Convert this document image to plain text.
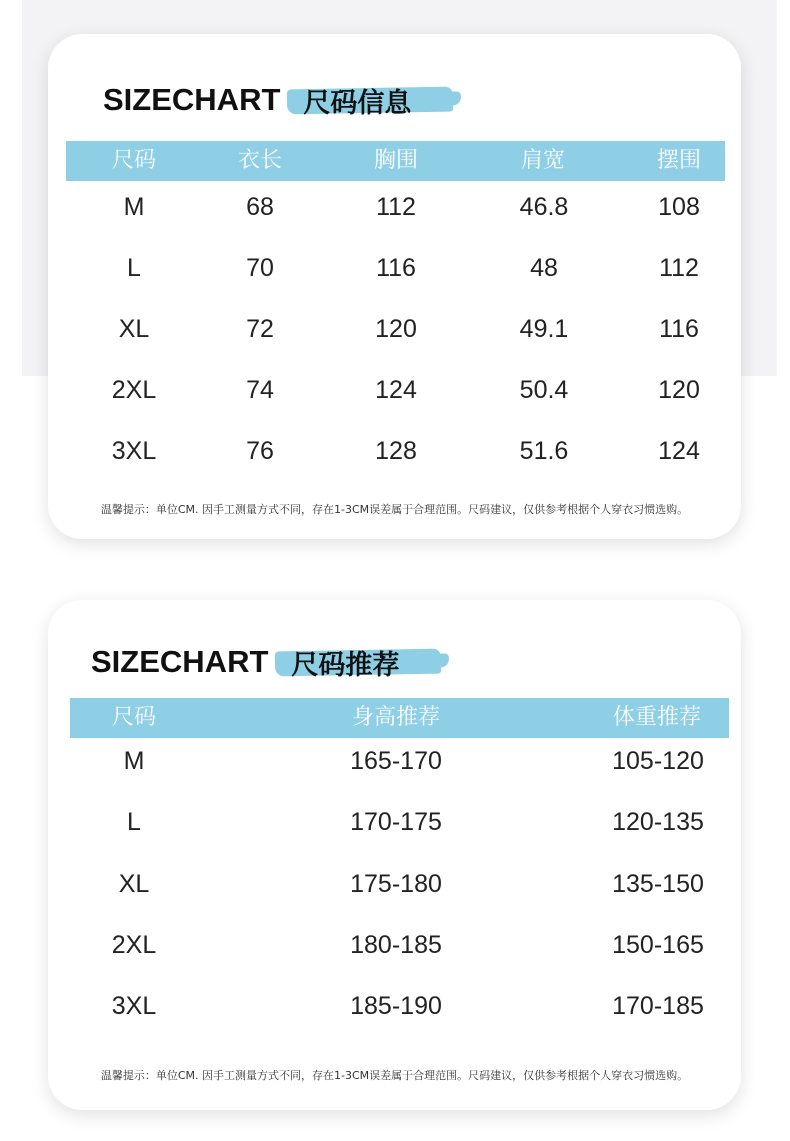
SIZECHART 尺码信息
尺码	衣长	胸围	肩宽	摆围
M	68	112	46.8	108
L	70	116	48	112
XL	72	120	49.1	116
2XL	74	124	50.4	120
3XL	76	128	51.6	124
温馨提示：单位CM. 因手工测量方式不同，存在1-3CM误差属于合理范围。尺码建议，仅供参考根据个人穿衣习惯选购。
SIZECHART 尺码推荐
尺码	身高推荐	体重推荐
M	165-170	105-120
L	170-175	120-135
XL	175-180	135-150
2XL	180-185	150-165
3XL	185-190	170-185
温馨提示：单位CM. 因手工测量方式不同，存在1-3CM误差属于合理范围。尺码建议，仅供参考根据个人穿衣习惯选购。
